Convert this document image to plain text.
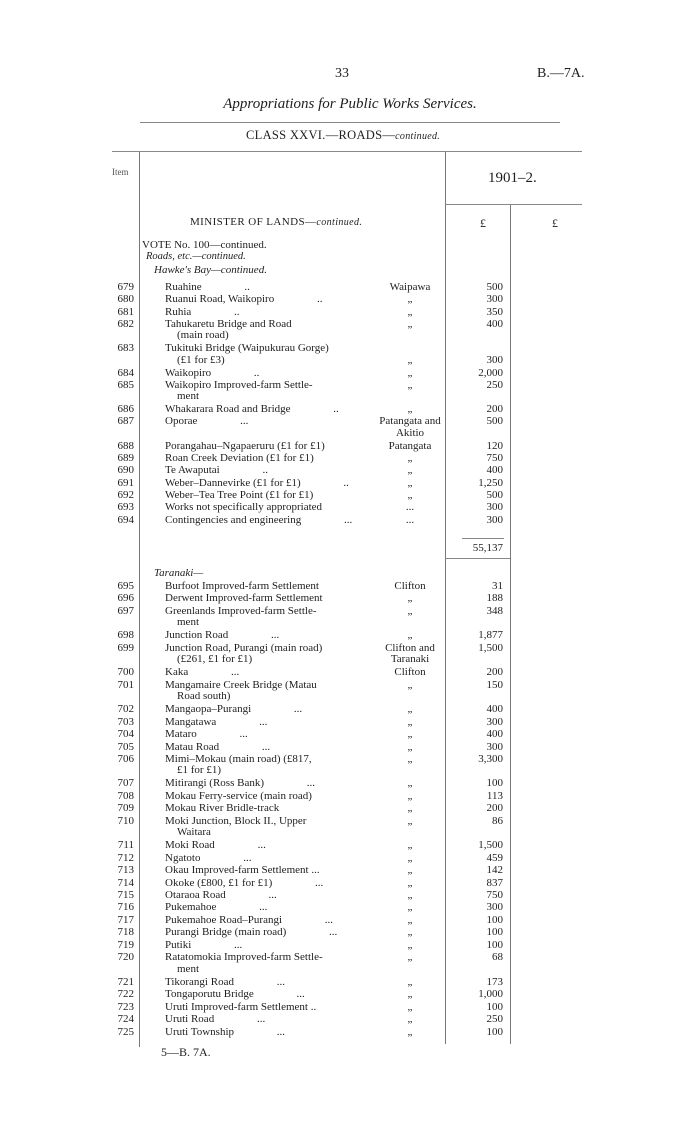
33	B.—7A.
Appropriations for Public Works Services.
CLASS XXVI.—ROADS—continued.
Item	1901–2.
MINISTER OF LANDS—continued.	£	£
VOTE No. 100—continued.
Roads, etc.—continued.
Hawke's Bay—continued.
679	Ruahine	..	Waipawa	500
680	Ruanui Road, Waikopiro	..	„	300
681	Ruhia	..	„	350
682	Tahukaretu Bridge and Road	„	400
(main road)
683	Tukituki Bridge (Waipukurau Gorge)
(£1 for £3)	„	300
684	Waikopiro	..	„	2,000
685	Waikopiro Improved-farm Settle-	„	250
ment
686	Whakarara Road and Bridge	..	„	200
687	Oporae	...	Patangata and	500
Akitio
688	Porangahau–Ngapaeruru (£1 for £1)	Patangata	120
689	Roan Creek Deviation (£1 for £1)	„	750
690	Te Awaputai	..	„	400
691	Weber–Dannevirke (£1 for £1)	..	„	1,250
692	Weber–Tea Tree Point (£1 for £1)	„	500
693	Works not specifically appropriated	...	300
694	Contingencies and engineering	...	...	300
55,137
Taranaki—
695	Burfoot Improved-farm Settlement	Clifton	31
696	Derwent Improved-farm Settlement	„	188
697	Greenlands Improved-farm Settle-	„	348
ment
698	Junction Road	...	„	1,877
699	Junction Road, Purangi (main road)	Clifton and	1,500
(£261, £1 for £1)	Taranaki
700	Kaka	...	Clifton	200
701	Mangamaire Creek Bridge (Matau	„	150
Road south)
702	Mangaopa–Purangi	...	„	400
703	Mangatawa	...	„	300
704	Mataro	...	„	400
705	Matau Road	...	„	300
706	Mimi–Mokau (main road) (£817,	„	3,300
£1 for £1)
707	Mitirangi (Ross Bank)	...	„	100
708	Mokau Ferry-service (main road)	„	113
709	Mokau River Bridle-track	„	200
710	Moki Junction, Block II., Upper	„	86
Waitara
711	Moki Road	...	„	1,500
712	Ngatoto	...	„	459
713	Okau Improved-farm Settlement ...	„	142
714	Okoke (£800, £1 for £1)	...	„	837
715	Otaraoa Road	...	„	750
716	Pukemahoe	...	„	300
717	Pukemahoe Road–Purangi	...	„	100
718	Purangi Bridge (main road)	...	„	100
719	Putiki	...	„	100
720	Ratatomokia Improved-farm Settle-	„	68
ment
721	Tikorangi Road	...	„	173
722	Tongaporutu Bridge	...	„	1,000
723	Uruti Improved-farm Settlement ..	„	100
724	Uruti Road	...	„	250
725	Uruti Township	...	„	100
5—B. 7A.
